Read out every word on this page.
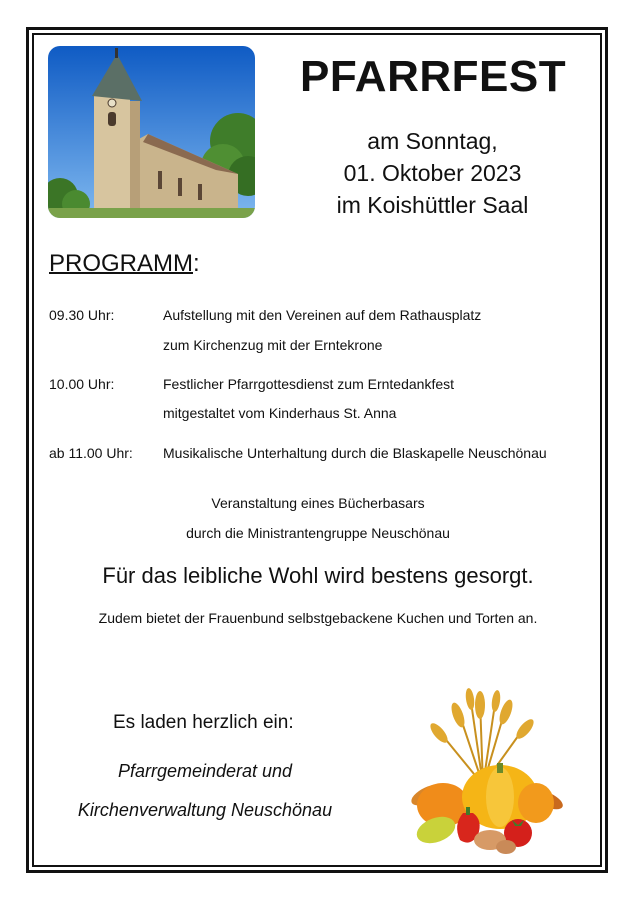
PFARRFEST
am Sonntag,
01. Oktober 2023
im Koishüttler Saal
PROGRAMM:
09.30 Uhr:	Aufstellung mit den Vereinen auf dem Rathausplatz
zum Kirchenzug mit der Erntekrone
10.00 Uhr:	Festlicher Pfarrgottesdienst zum Erntedankfest
mitgestaltet vom Kinderhaus St. Anna
ab 11.00 Uhr: Musikalische Unterhaltung durch die Blaskapelle Neuschönau
Veranstaltung eines Bücherbasars
durch die Ministrantengruppe Neuschönau
Für das leibliche Wohl wird bestens gesorgt.
Zudem bietet der Frauenbund selbstgebackene Kuchen und Torten an.
Es laden herzlich ein:
Pfarrgemeinderat und
Kirchenverwaltung Neuschönau
